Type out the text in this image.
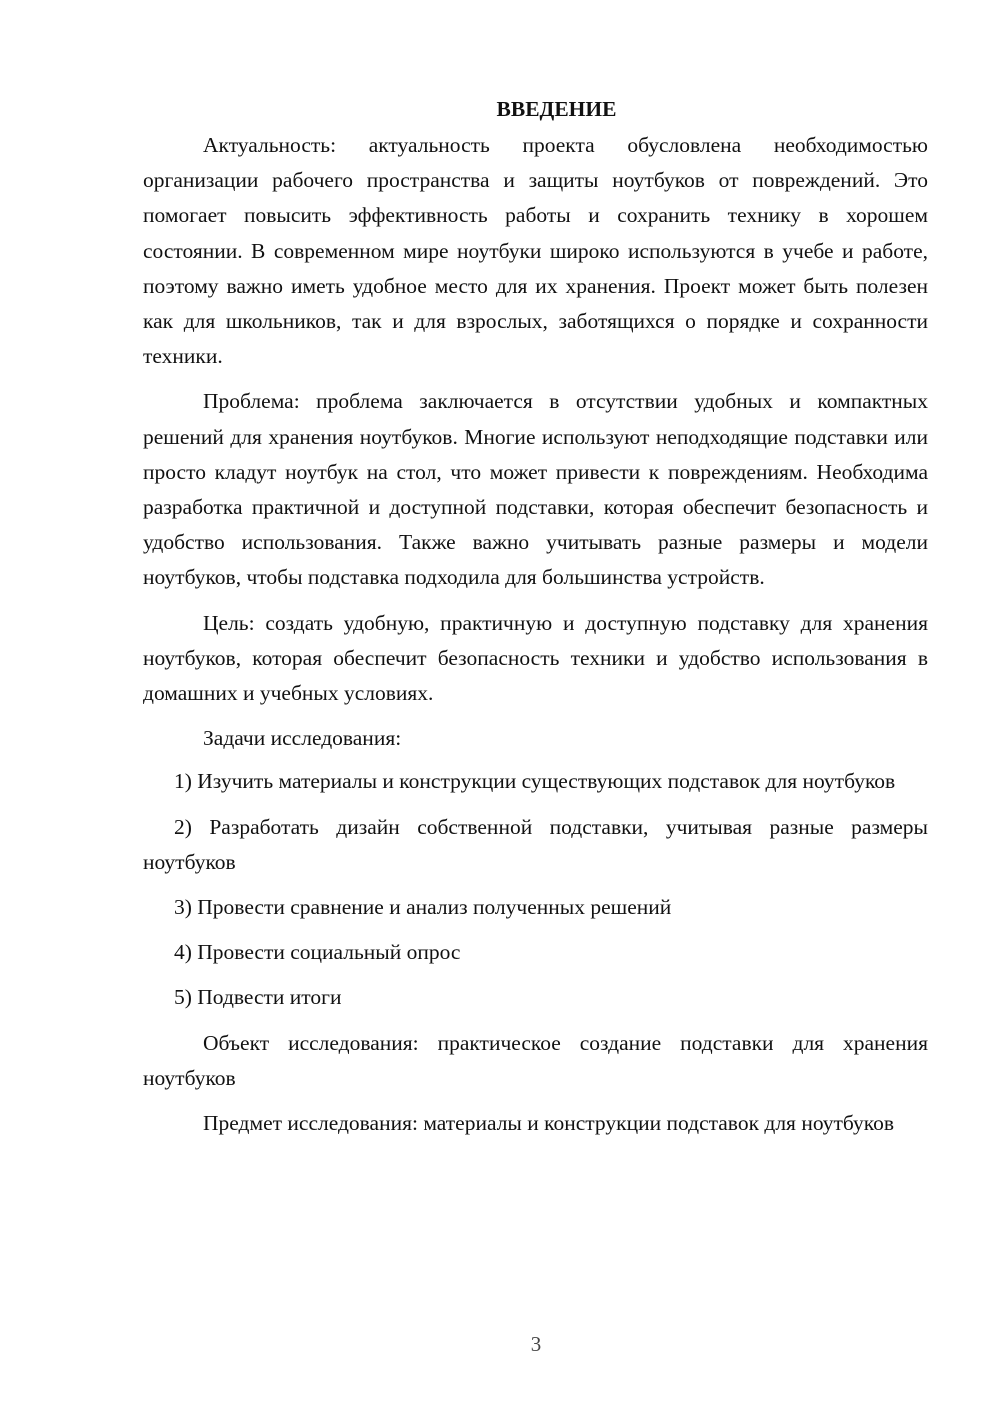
ВВЕДЕНИЕ

Актуальность: актуальность проекта обусловлена необходимостью организации рабочего пространства и защиты ноутбуков от повреждений. Это помогает повысить эффективность работы и сохранить технику в хорошем состоянии. В современном мире ноутбуки широко используются в учебе и работе, поэтому важно иметь удобное место для их хранения. Проект может быть полезен как для школьников, так и для взрослых, заботящихся о порядке и сохранности техники.

Проблема: проблема заключается в отсутствии удобных и компактных решений для хранения ноутбуков. Многие используют неподходящие подставки или просто кладут ноутбук на стол, что может привести к повреждениям. Необходима разработка практичной и доступной подставки, которая обеспечит безопасность и удобство использования. Также важно учитывать разные размеры и модели ноутбуков, чтобы подставка подходила для большинства устройств.

Цель: создать удобную, практичную и доступную подставку для хранения ноутбуков, которая обеспечит безопасность техники и удобство использования в домашних и учебных условиях.

Задачи исследования:

1) Изучить материалы и конструкции существующих подставок для ноутбуков

2) Разработать дизайн собственной подставки, учитывая разные размеры ноутбуков

3) Провести сравнение и анализ полученных решений

4) Провести социальный опрос

5) Подвести итоги

Объект исследования: практическое создание подставки для хранения ноутбуков

Предмет исследования: материалы и конструкции подставок для ноутбуков

3
